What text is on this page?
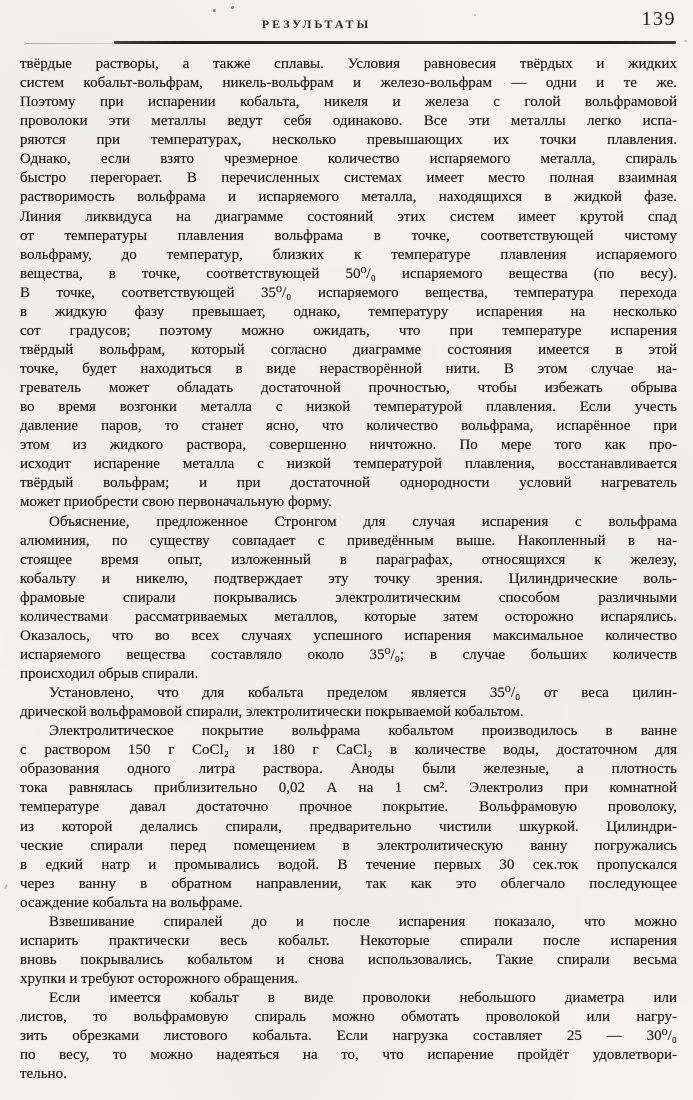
РЕЗУЛЬТАТЫ	139
твёрдые растворы, а также сплавы. Условия равновесия твёрдых и жидких
систем кобальт-вольфрам, никель-вольфрам и железо-вольфрам — одни и те же.
Поэтому при испарении кобальта, никеля и железа с голой вольфрамовой
проволоки эти металлы ведут себя одинаково. Все эти металлы легко испа-
ряются при температурах, несколько превышающих их точки плавления.
Однако, если взято чрезмерное количество испаряемого металла, спираль
быстро перегорает. В перечисленных системах имеет место полная взаимная
растворимость вольфрама и испаряемого металла, находящихся в жидкой фазе.
Линия ликвидуса на диаграмме состояний этих систем имеет крутой спад
от температуры плавления вольфрама в точке, соответствующей чистому
вольфраму, до температур, близких к температуре плавления испаряемого
вещества, в точке, соответствующей 50⁰/₀ испаряемого вещества (по весу).
В точке, соответствующей 35⁰/₀ испаряемого вещества, температура перехода
в жидкую фазу превышает, однако, температуру испарения на несколько
сот градусов; поэтому можно ожидать, что при температуре испарения
твёрдый вольфрам, который согласно диаграмме состояния имеется в этой
точке, будет находиться в виде нерастворённой нити. В этом случае на-
греватель может обладать достаточной прочностью, чтобы избежать обрыва
во время возгонки металла с низкой температурой плавления. Если учесть
давление паров, то станет ясно, что количество вольфрама, испарённое при
этом из жидкого раствора, совершенно ничтожно. По мере того как про-
исходит испарение металла с низкой температурой плавления, восстанавливается
твёрдый вольфрам; и при достаточной однородности условий нагреватель
может приобрести свою первоначальную форму.
Объяснение, предложенное Стронгом для случая испарения с вольфрама
алюминия, по существу совпадает с приведённым выше. Накопленный в на-
стоящее время опыт, изложенный в параграфах, относящихся к железу,
кобальту и никелю, подтверждает эту точку зрения. Цилиндрические воль-
фрамовые спирали покрывались электролитическим способом различными
количествами рассматриваемых металлов, которые затем осторожно испарялись.
Оказалось, что во всех случаях успешного испарения максимальное количество
испаряемого вещества составляло около 35⁰/₀; в случае больших количеств
происходил обрыв спирали.
Установлено, что для кобальта пределом является 35⁰/₀ от веса цилин-
дрической вольфрамовой спирали, электролитически покрываемой кобальтом.
Электролитическое покрытие вольфрама кобальтом производилось в ванне
с раствором 150 г CoCl₂ и 180 г CaCl₂ в количестве воды, достаточном для
образования одного литра раствора. Аноды были железные, а плотность
тока равнялась приблизительно 0,02 А на 1 см². Электролиз при комнатной
температуре давал достаточно прочное покрытие. Вольфрамовую проволоку,
из которой делались спирали, предварительно чистили шкуркой. Цилиндри-
ческие спирали перед помещением в электролитическую ванну погружались
в едкий натр и промывались водой. В течение первых 30 сек.ток пропускался
через ванну в обратном направлении, так как это облегчало последующее
осаждение кобальта на вольфраме.
Взвешивание спиралей до и после испарения показало, что можно
испарить практически весь кобальт. Некоторые спирали после испарения
вновь покрывались кобальтом и снова использовались. Такие спирали весьма
хрупки и требуют осторожного обращения.
Если имеется кобальт в виде проволоки небольшого диаметра или
листов, то вольфрамовую спираль можно обмотать проволокой или нагру-
зить обрезками листового кобальта. Если нагрузка составляет 25 — 30⁰/₀
по весу, то можно надеяться на то, что испарение пройдёт удовлетвори-
тельно.
